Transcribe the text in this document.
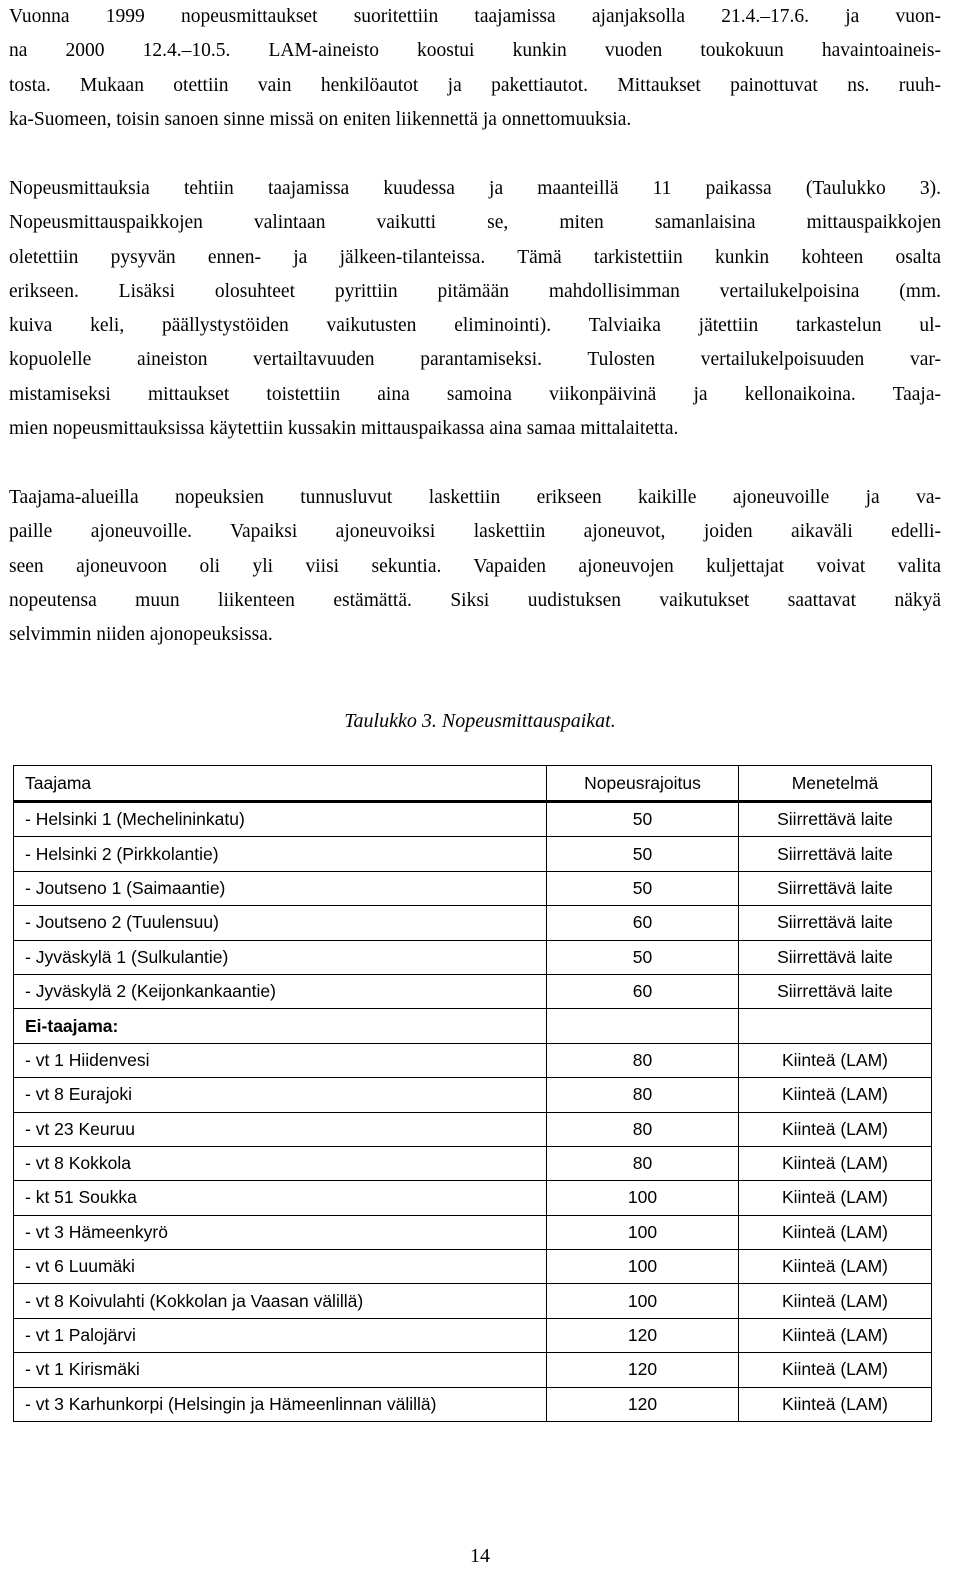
Vuonna 1999 nopeusmittaukset suoritettiin taajamissa ajanjaksolla 21.4.–17.6. ja vuon-
na 2000 12.4.–10.5. LAM-aineisto koostui kunkin vuoden toukokuun havaintoaineis-
tosta. Mukaan otettiin vain henkilöautot ja pakettiautot. Mittaukset painottuvat ns. ruuh-
ka-Suomeen, toisin sanoen sinne missä on eniten liikennettä ja onnettomuuksia.
Nopeusmittauksia tehtiin taajamissa kuudessa ja maanteillä 11 paikassa (Taulukko 3).
Nopeusmittauspaikkojen valintaan vaikutti se, miten samanlaisina mittauspaikkojen
oletettiin pysyvän ennen- ja jälkeen-tilanteissa. Tämä tarkistettiin kunkin kohteen osalta
erikseen. Lisäksi olosuhteet pyrittiin pitämään mahdollisimman vertailukelpoisina (mm.
kuiva keli, päällystystöiden vaikutusten eliminointi). Talviaika jätettiin tarkastelun ul-
kopuolelle aineiston vertailtavuuden parantamiseksi. Tulosten vertailukelpoisuuden var-
mistamiseksi mittaukset toistettiin aina samoina viikonpäivinä ja kellonaikoina. Taaja-
mien nopeusmittauksissa käytettiin kussakin mittauspaikassa aina samaa mittalaitetta.
Taajama-alueilla nopeuksien tunnusluvut laskettiin erikseen kaikille ajoneuvoille ja va-
paille ajoneuvoille. Vapaiksi ajoneuvoiksi laskettiin ajoneuvot, joiden aikaväli edelli-
seen ajoneuvoon oli yli viisi sekuntia. Vapaiden ajoneuvojen kuljettajat voivat valita
nopeutensa muun liikenteen estämättä. Siksi uudistuksen vaikutukset saattavat näkyä
selvimmin niiden ajonopeuksissa.

Taulukko 3. Nopeusmittauspaikat.

Taajama	Nopeusrajoitus	Menetelmä
- Helsinki 1 (Mechelininkatu)	50	Siirrettävä laite
- Helsinki 2 (Pirkkolantie)	50	Siirrettävä laite
- Joutseno 1 (Saimaantie)	50	Siirrettävä laite
- Joutseno 2 (Tuulensuu)	60	Siirrettävä laite
- Jyväskylä 1 (Sulkulantie)	50	Siirrettävä laite
- Jyväskylä 2 (Keijonkankaantie)	60	Siirrettävä laite
Ei-taajama:		
- vt 1 Hiidenvesi	80	Kiinteä (LAM)
- vt 8 Eurajoki	80	Kiinteä (LAM)
- vt 23 Keuruu	80	Kiinteä (LAM)
- vt 8 Kokkola	80	Kiinteä (LAM)
- kt 51 Soukka	100	Kiinteä (LAM)
- vt 3 Hämeenkyrö	100	Kiinteä (LAM)
- vt 6 Luumäki	100	Kiinteä (LAM)
- vt 8 Koivulahti (Kokkolan ja Vaasan välillä)	100	Kiinteä (LAM)
- vt 1 Palojärvi	120	Kiinteä (LAM)
- vt 1 Kirismäki	120	Kiinteä (LAM)
- vt 3 Karhunkorpi (Helsingin ja Hämeenlinnan välillä)	120	Kiinteä (LAM)

14
